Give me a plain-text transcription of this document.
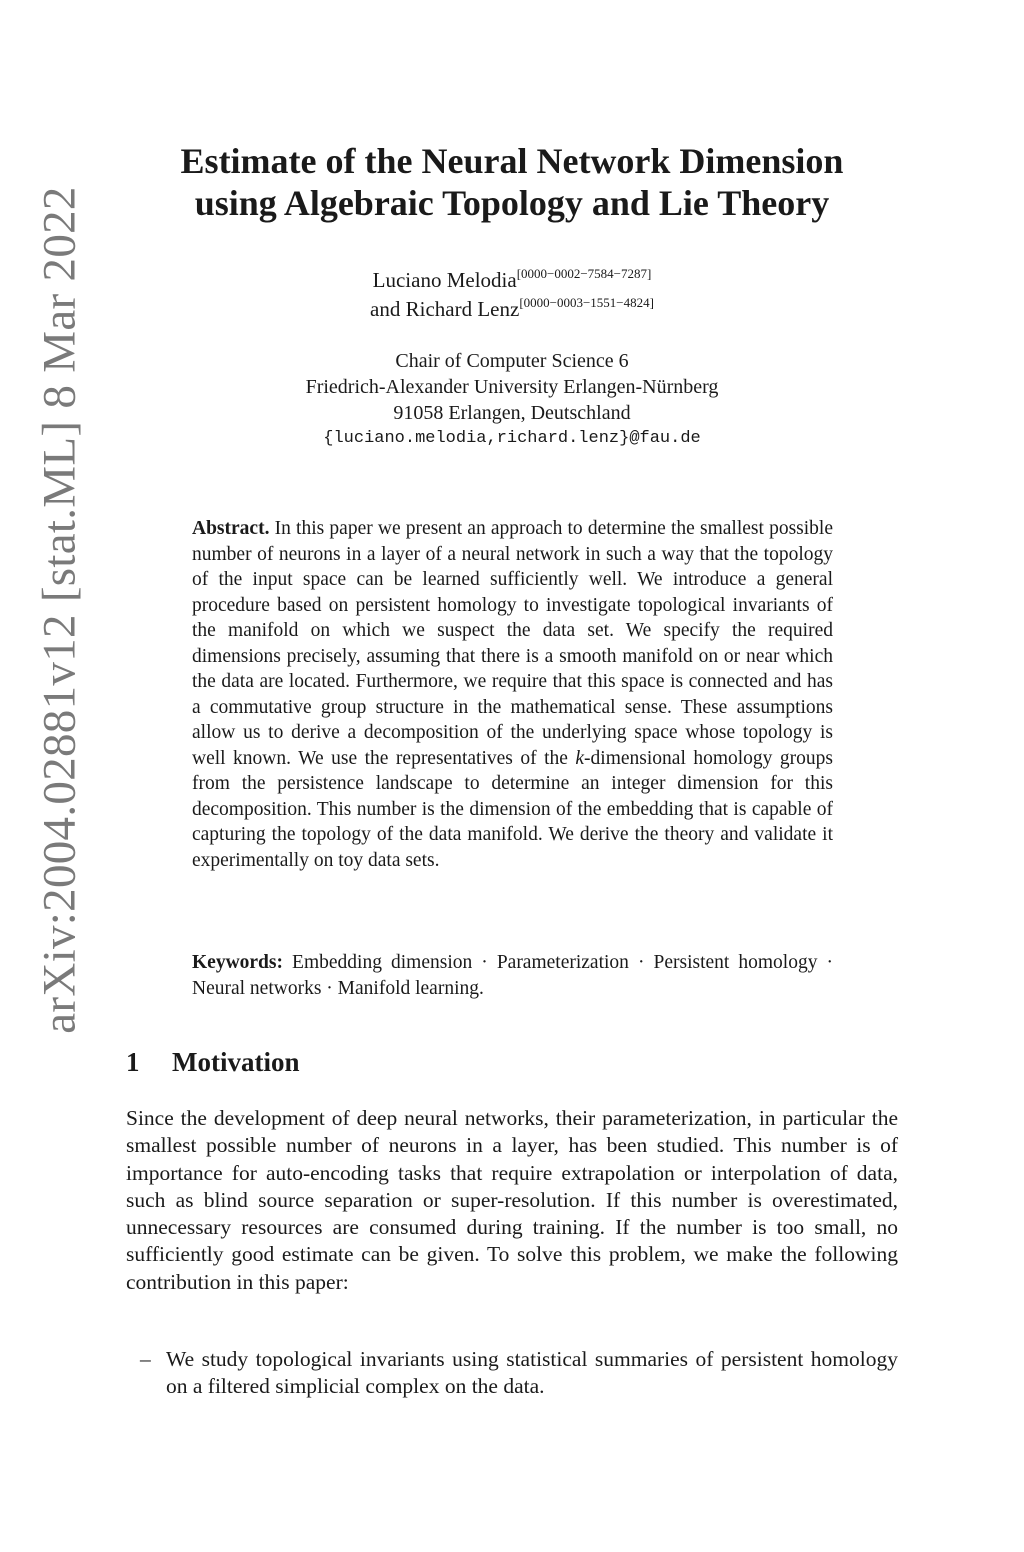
arXiv:2004.02881v12 [stat.ML] 8 Mar 2022
Estimate of the Neural Network Dimension
using Algebraic Topology and Lie Theory
Luciano Melodia[0000−0002−7584−7287]
and Richard Lenz[0000−0003−1551−4824]
Chair of Computer Science 6
Friedrich-Alexander University Erlangen-Nürnberg
91058 Erlangen, Deutschland
{luciano.melodia,richard.lenz}@fau.de
Abstract. In this paper we present an approach to determine the smallest possible number of neurons in a layer of a neural network in such a way that the topology of the input space can be learned sufficiently well. We introduce a general procedure based on persistent homology to investigate topological invariants of the manifold on which we suspect the data set. We specify the required dimensions precisely, assuming that there is a smooth manifold on or near which the data are located. Furthermore, we require that this space is connected and has a commutative group structure in the mathematical sense. These assumptions allow us to derive a decomposition of the underlying space whose topology is well known. We use the representatives of the k-dimensional homology groups from the persistence landscape to determine an integer dimension for this decomposition. This number is the dimension of the embedding that is capable of capturing the topology of the data manifold. We derive the theory and validate it experimentally on toy data sets.
Keywords: Embedding dimension · Parameterization · Persistent homology · Neural networks · Manifold learning.
1 Motivation
Since the development of deep neural networks, their parameterization, in particular the smallest possible number of neurons in a layer, has been studied. This number is of importance for auto-encoding tasks that require extrapolation or interpolation of data, such as blind source separation or super-resolution. If this number is overestimated, unnecessary resources are consumed during training. If the number is too small, no sufficiently good estimate can be given. To solve this problem, we make the following contribution in this paper:
– We study topological invariants using statistical summaries of persistent homology on a filtered simplicial complex on the data.
